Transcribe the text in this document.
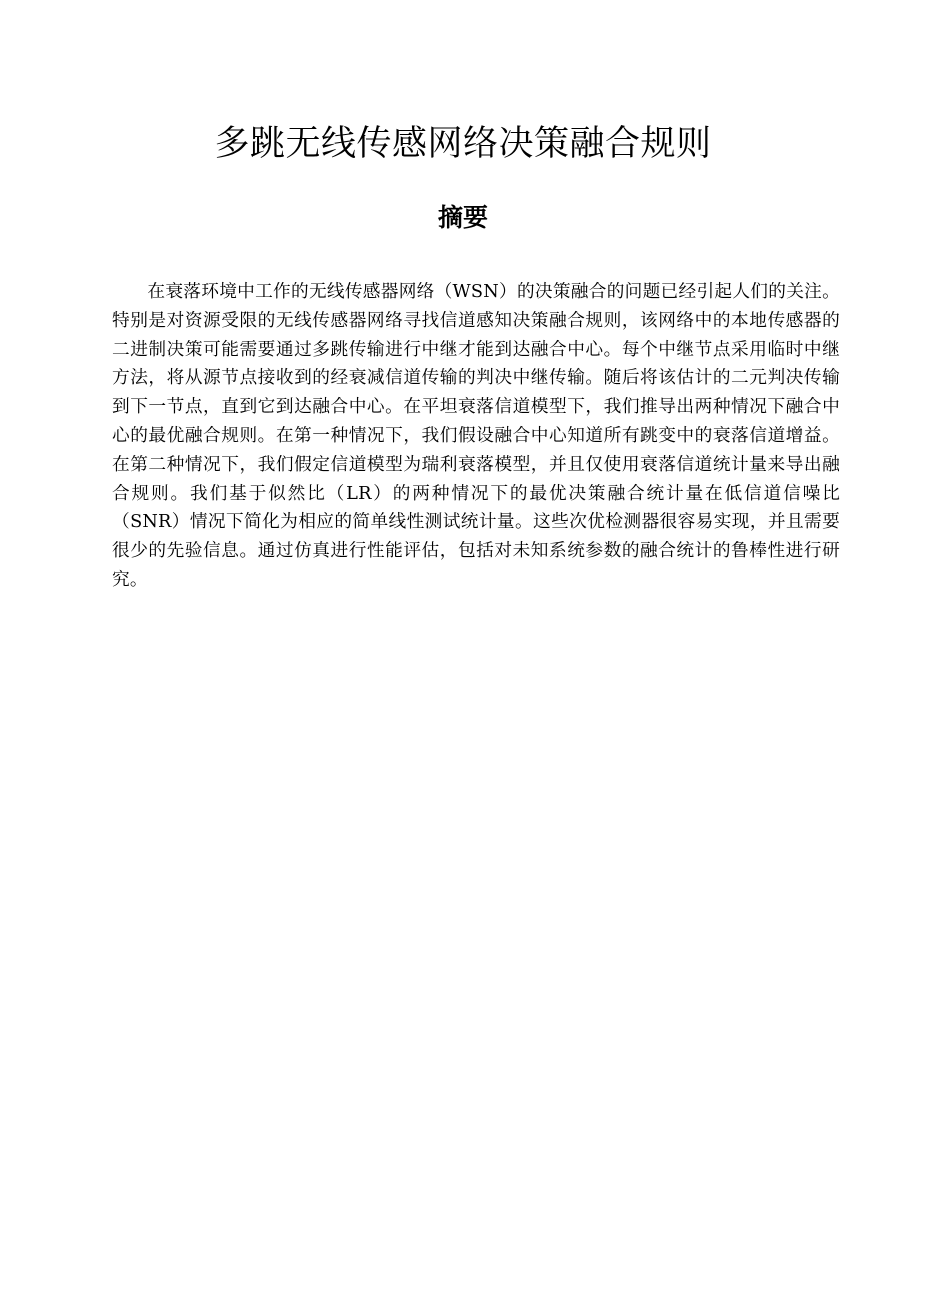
多跳无线传感网络决策融合规则
摘要

在衰落环境中工作的无线传感器网络（WSN）的决策融合的问题已经引起人们的关注。特别是对资源受限的无线传感器网络寻找信道感知决策融合规则，该网络中的本地传感器的二进制决策可能需要通过多跳传输进行中继才能到达融合中心。每个中继节点采用临时中继方法，将从源节点接收到的经衰减信道传输的判决中继传输。随后将该估计的二元判决传输到下一节点，直到它到达融合中心。在平坦衰落信道模型下，我们推导出两种情况下融合中心的最优融合规则。在第一种情况下，我们假设融合中心知道所有跳变中的衰落信道增益。在第二种情况下，我们假定信道模型为瑞利衰落模型，并且仅使用衰落信道统计量来导出融合规则。我们基于似然比（LR）的两种情况下的最优决策融合统计量在低信道信噪比（SNR）情况下简化为相应的简单线性测试统计量。这些次优检测器很容易实现，并且需要很少的先验信息。通过仿真进行性能评估，包括对未知系统参数的融合统计的鲁棒性进行研究。
